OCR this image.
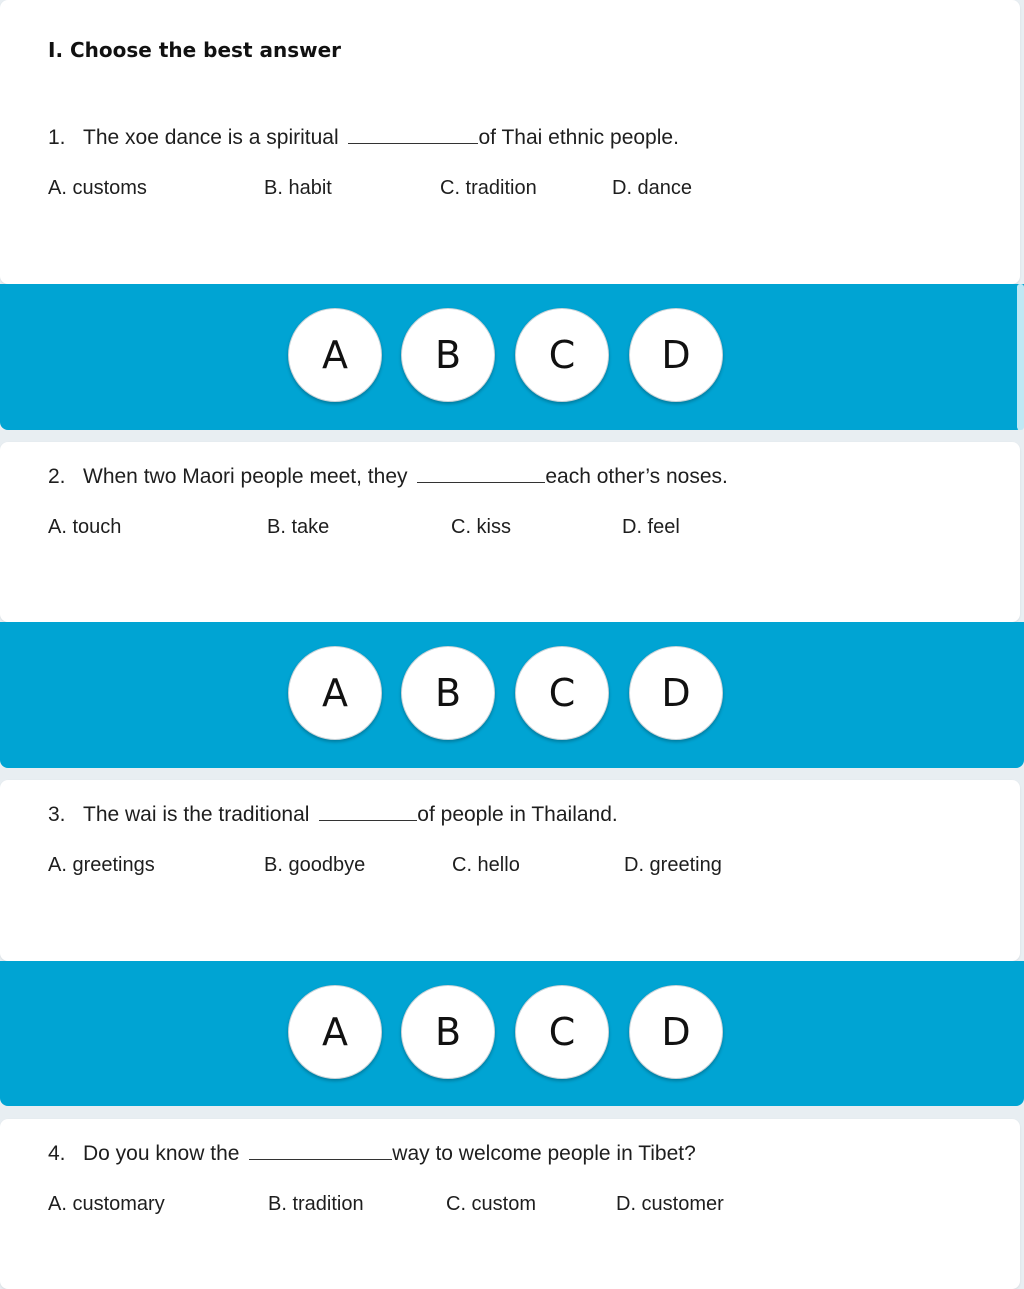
I. Choose the best answer

1. The xoe dance is a spiritual	of Thai ethnic people.

A. customs	B. habit	C. tradition	D. dance
A	B	C	D

2. When two Maori people meet, they	each other’s noses.

A. touch	B. take	C. kiss	D. feel
A	B	C	D

3. The wai is the traditional	of people in Thailand.

A. greetings	B. goodbye	C. hello	D. greeting
A	B	C	D

4. Do you know the	way to welcome people in Tibet?

A. customary	B. tradition	C. custom	D. customer
